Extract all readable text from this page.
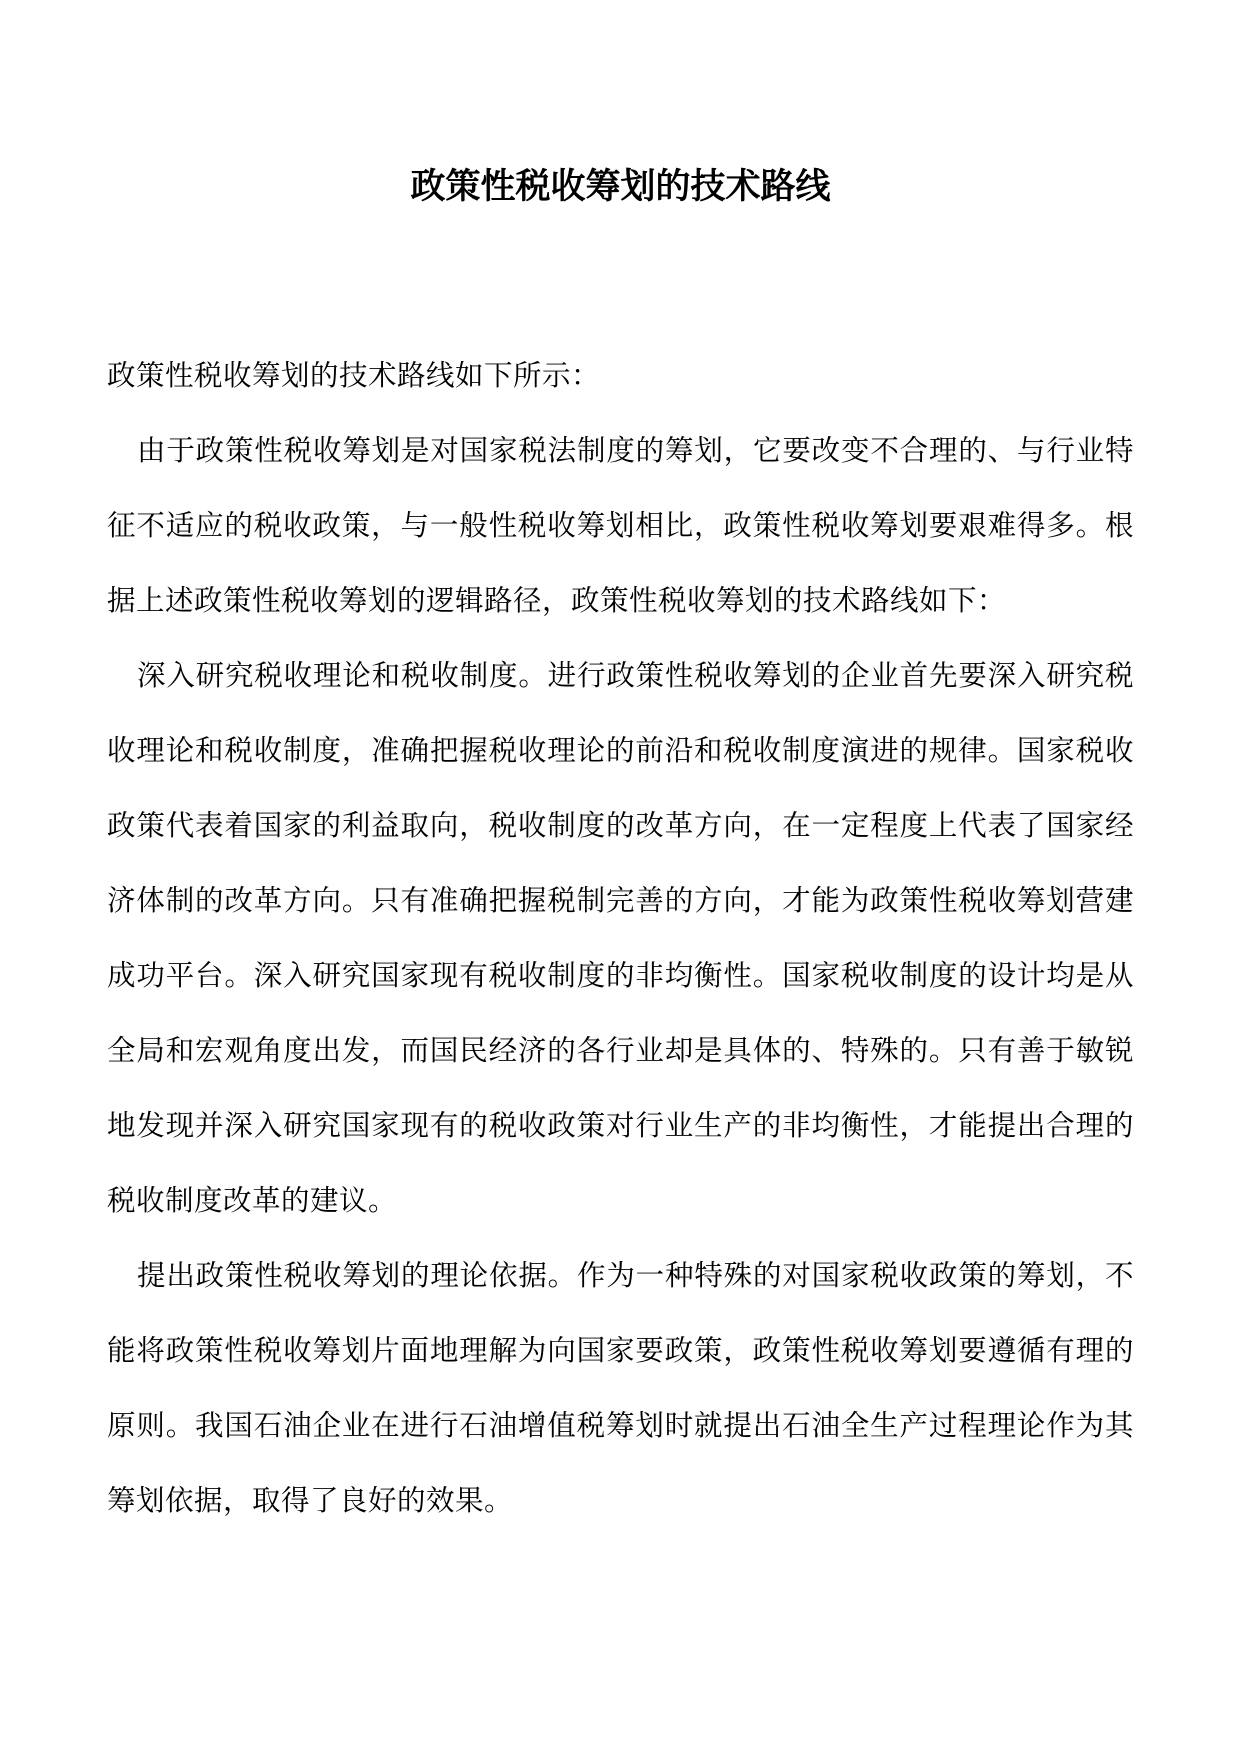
政策性税收筹划的技术路线

政策性税收筹划的技术路线如下所示：

由于政策性税收筹划是对国家税法制度的筹划，它要改变不合理的、与行业特征不适应的税收政策，与一般性税收筹划相比，政策性税收筹划要艰难得多。根据上述政策性税收筹划的逻辑路径，政策性税收筹划的技术路线如下：

深入研究税收理论和税收制度。进行政策性税收筹划的企业首先要深入研究税收理论和税收制度，准确把握税收理论的前沿和税收制度演进的规律。国家税收政策代表着国家的利益取向，税收制度的改革方向，在一定程度上代表了国家经济体制的改革方向。只有准确把握税制完善的方向，才能为政策性税收筹划营建成功平台。深入研究国家现有税收制度的非均衡性。国家税收制度的设计均是从全局和宏观角度出发，而国民经济的各行业却是具体的、特殊的。只有善于敏锐地发现并深入研究国家现有的税收政策对行业生产的非均衡性，才能提出合理的税收制度改革的建议。

提出政策性税收筹划的理论依据。作为一种特殊的对国家税收政策的筹划，不能将政策性税收筹划片面地理解为向国家要政策，政策性税收筹划要遵循有理的原则。我国石油企业在进行石油增值税筹划时就提出石油全生产过程理论作为其筹划依据，取得了良好的效果。
